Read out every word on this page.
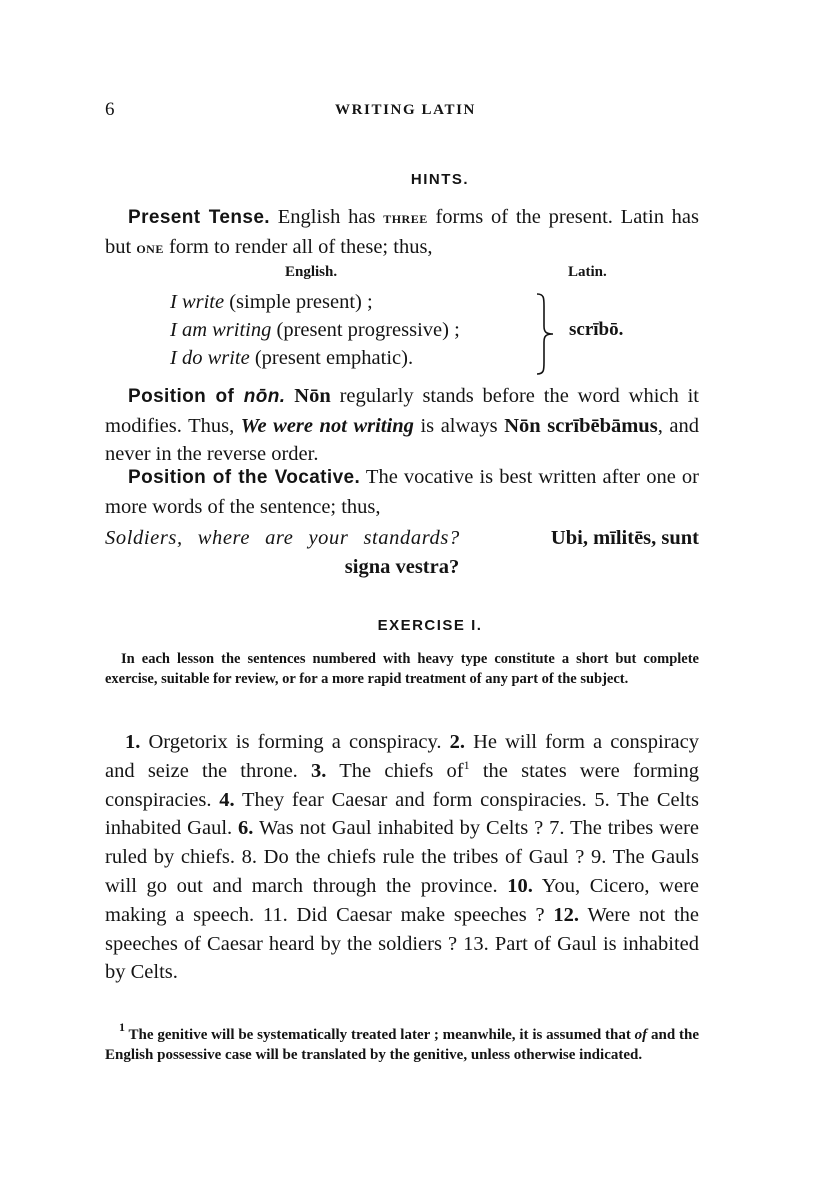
6	WRITING LATIN
HINTS.

Present Tense. English has three forms of the present. Latin has but one form to render all of these; thus,

English.	Latin.
I write (simple present) ;
I am writing (present progressive) ;
I do write (present emphatic).
scrībō.

Position of nōn. Nōn regularly stands before the word which it modifies. Thus, We were not writing is always Nōn scrībēbāmus, and never in the reverse order.

Position of the Vocative. The vocative is best written after one or more words of the sentence; thus,

Soldiers, where are your standards?	Ubi, mīlitēs, sunt
signa vestra?
EXERCISE I.

In each lesson the sentences numbered with heavy type constitute a short but complete exercise, suitable for review, or for a more rapid treatment of any part of the subject.

1. Orgetorix is forming a conspiracy. 2. He will form a conspiracy and seize the throne. 3. The chiefs $of^1$ the states were forming conspiracies. 4. They fear Caesar and form conspiracies. 5. The Celts inhabited Gaul. 6. Was not Gaul inhabited by Celts ? 7. The tribes were ruled by chiefs. 8. Do the chiefs rule the tribes of Gaul ? 9. The Gauls will go out and march through the province. 10. You, Cicero, were making a speech. 11. Did Caesar make speeches ? 12. Were not the speeches of Caesar heard by the soldiers ? 13. Part of Gaul is inhabited by Celts.

$^1$ The genitive will be systematically treated later ; meanwhile, it is assumed that of and the English possessive case will be translated by the genitive, unless otherwise indicated.
